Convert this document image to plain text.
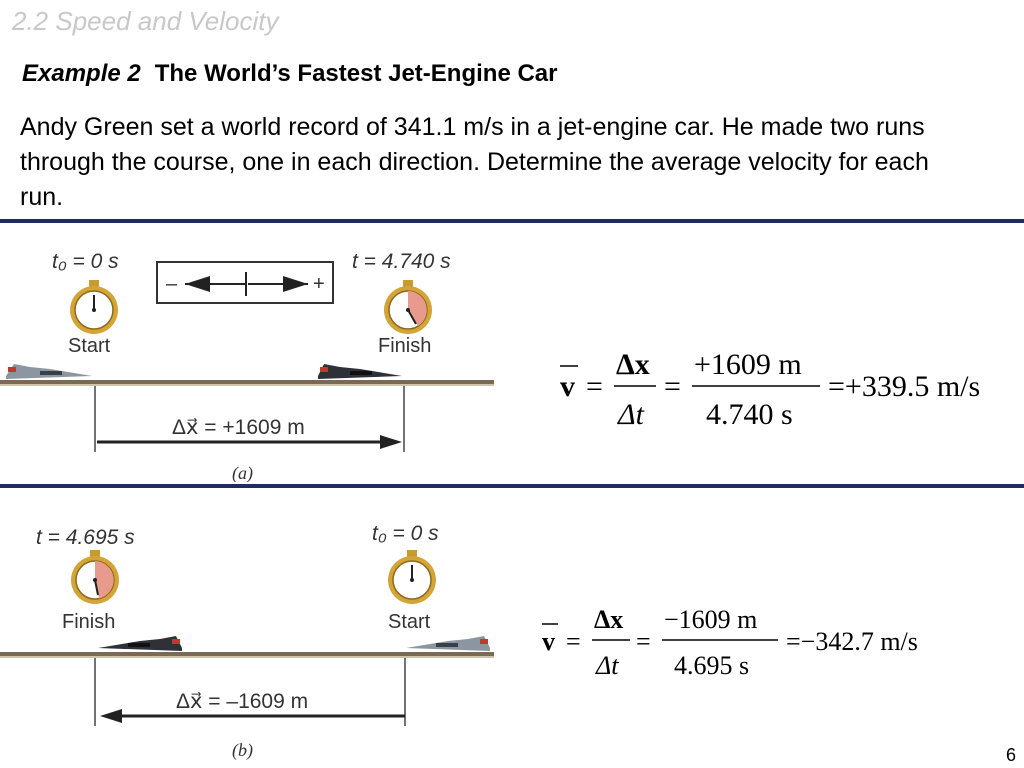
2.2 Speed and Velocity
Example 2 The World’s Fastest Jet-Engine Car
Andy Green set a world record of 341.1 m/s in a jet-engine car. He made two runs through the course, one in each direction. Determine the average velocity for each run.
t₀ = 0 s	t = 4.740 s
–	+
Start	Finish
Δx⃗ = +1609 m
(a)
t = 4.695 s	t₀ = 0 s
Finish	Start
Δx⃗ = –1609 m
(b)
v =
Δx
Δt
=
+1609 m
4.740 s
=+339.5 m/s
v =
Δx
Δt
=
−1609 m
4.695 s
=−342.7 m/s
6
